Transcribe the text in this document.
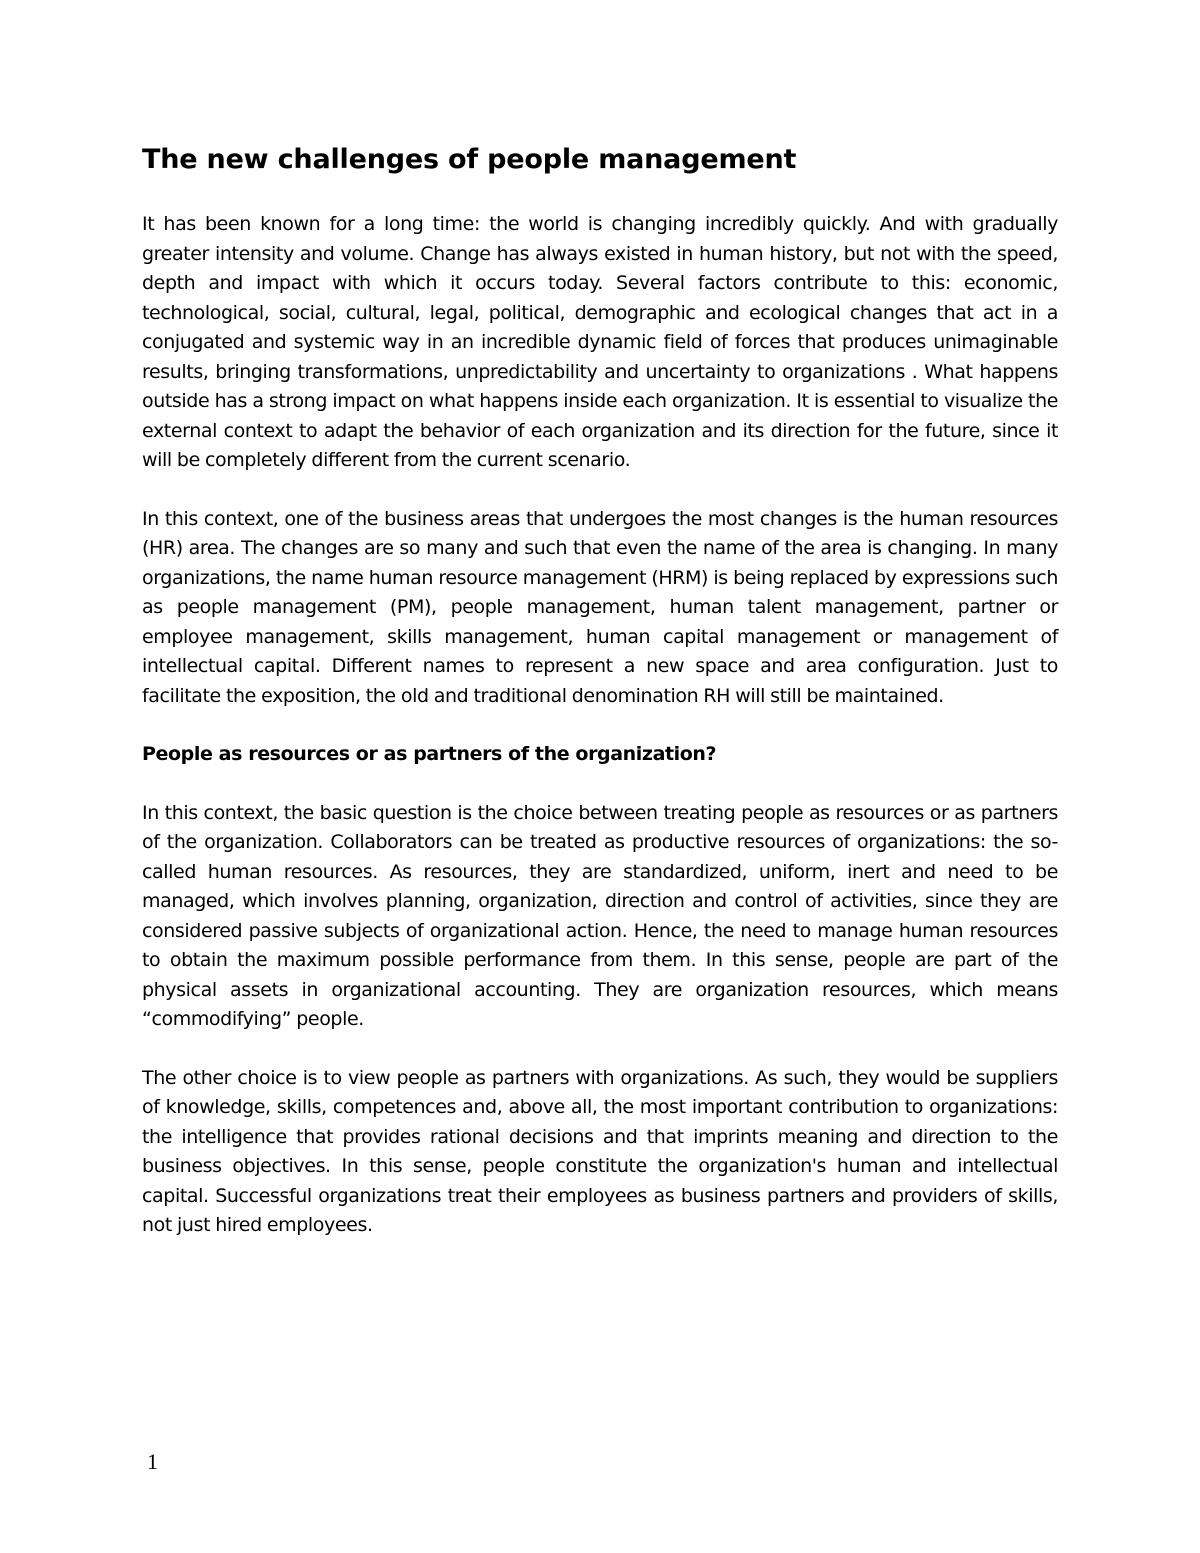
The new challenges of people management

It has been known for a long time: the world is changing incredibly quickly. And with gradually greater intensity and volume. Change has always existed in human history, but not with the speed, depth and impact with which it occurs today. Several factors contribute to this: economic, technological, social, cultural, legal, political, demographic and ecological changes that act in a conjugated and systemic way in an incredible dynamic field of forces that produces unimaginable results, bringing transformations, unpredictability and uncertainty to organizations . What happens outside has a strong impact on what happens inside each organization. It is essential to visualize the external context to adapt the behavior of each organization and its direction for the future, since it will be completely different from the current scenario.

In this context, one of the business areas that undergoes the most changes is the human resources (HR) area. The changes are so many and such that even the name of the area is changing. In many organizations, the name human resource management (HRM) is being replaced by expressions such as people management (PM), people management, human talent management, partner or employee management, skills management, human capital management or management of intellectual capital. Different names to represent a new space and area configuration. Just to facilitate the exposition, the old and traditional denomination RH will still be maintained.

People as resources or as partners of the organization?

In this context, the basic question is the choice between treating people as resources or as partners of the organization. Collaborators can be treated as productive resources of organizations: the so-called human resources. As resources, they are standardized, uniform, inert and need to be managed, which involves planning, organization, direction and control of activities, since they are considered passive subjects of organizational action. Hence, the need to manage human resources to obtain the maximum possible performance from them. In this sense, people are part of the physical assets in organizational accounting. They are organization resources, which means “commodifying” people.

The other choice is to view people as partners with organizations. As such, they would be suppliers of knowledge, skills, competences and, above all, the most important contribution to organizations: the intelligence that provides rational decisions and that imprints meaning and direction to the business objectives. In this sense, people constitute the organization's human and intellectual capital. Successful organizations treat their employees as business partners and providers of skills, not just hired employees.

1
